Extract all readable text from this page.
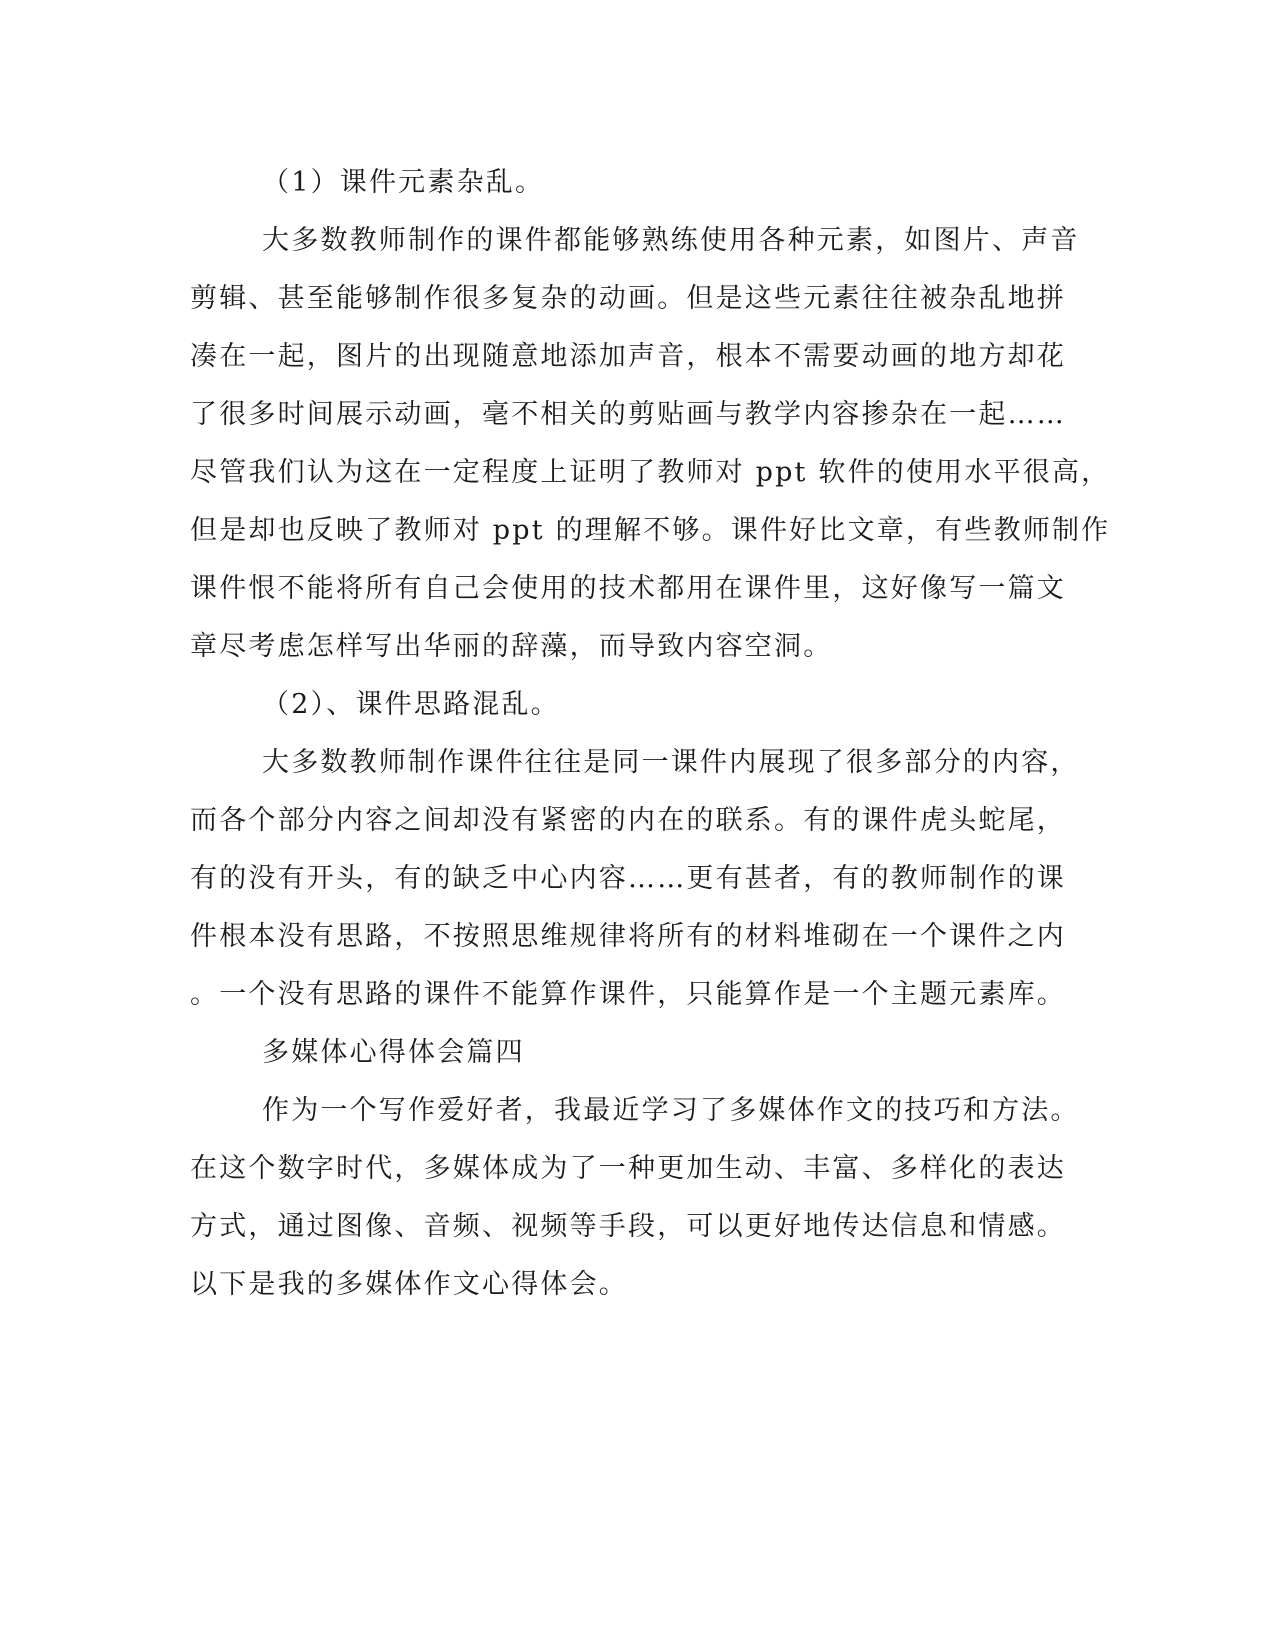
（1）课件元素杂乱。
大多数教师制作的课件都能够熟练使用各种元素，如图片、声音
剪辑、甚至能够制作很多复杂的动画。但是这些元素往往被杂乱地拼
凑在一起，图片的出现随意地添加声音，根本不需要动画的地方却花
了很多时间展示动画，毫不相关的剪贴画与教学内容掺杂在一起……
尽管我们认为这在一定程度上证明了教师对 ppt 软件的使用水平很高，
但是却也反映了教师对 ppt 的理解不够。课件好比文章，有些教师制作
课件恨不能将所有自己会使用的技术都用在课件里，这好像写一篇文
章尽考虑怎样写出华丽的辞藻，而导致内容空洞。
（2）、课件思路混乱。
大多数教师制作课件往往是同一课件内展现了很多部分的内容，
而各个部分内容之间却没有紧密的内在的联系。有的课件虎头蛇尾，
有的没有开头，有的缺乏中心内容……更有甚者，有的教师制作的课
件根本没有思路，不按照思维规律将所有的材料堆砌在一个课件之内
。一个没有思路的课件不能算作课件，只能算作是一个主题元素库。
多媒体心得体会篇四
作为一个写作爱好者，我最近学习了多媒体作文的技巧和方法。
在这个数字时代，多媒体成为了一种更加生动、丰富、多样化的表达
方式，通过图像、音频、视频等手段，可以更好地传达信息和情感。
以下是我的多媒体作文心得体会。
